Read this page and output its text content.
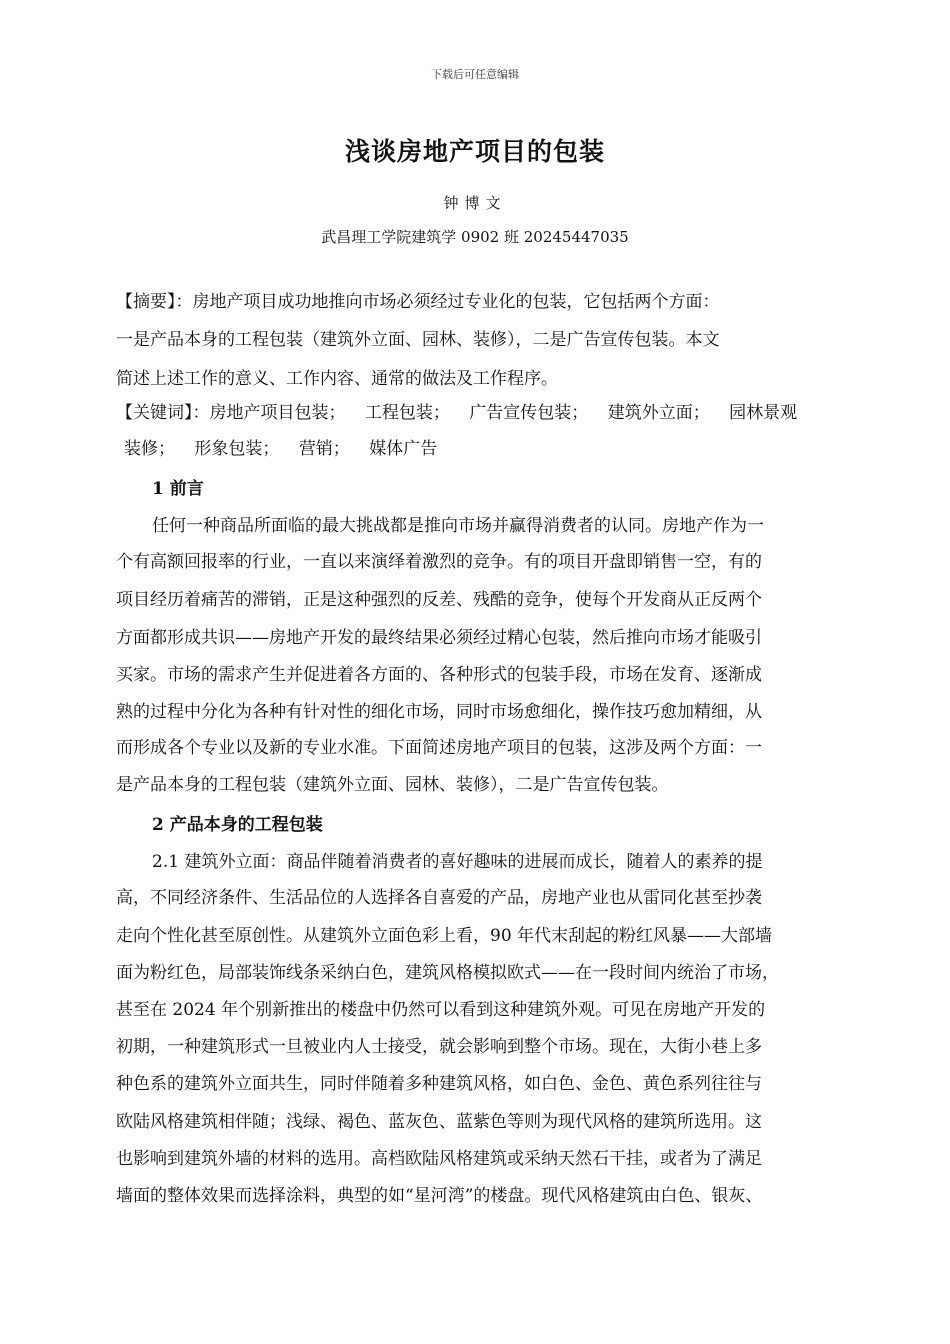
下载后可任意编辑
浅谈房地产项目的包装
钟博文
武昌理工学院建筑学 0902 班 20245447035
【摘要】：房地产项目成功地推向市场必须经过专业化的包装，它包括两个方面：
一是产品本身的工程包装（建筑外立面、园林、装修），二是广告宣传包装。本文
简述上述工作的意义、工作内容、通常的做法及工作程序。
【关键词】：房地产项目包装； 工程包装； 广告宣传包装； 建筑外立面； 园林景观
装修； 形象包装； 营销； 媒体广告
1 前言
任何一种商品所面临的最大挑战都是推向市场并赢得消费者的认同。房地产作为一
个有高额回报率的行业，一直以来演绎着激烈的竞争。有的项目开盘即销售一空，有的
项目经历着痛苦的滞销，正是这种强烈的反差、残酷的竞争，使每个开发商从正反两个
方面都形成共识——房地产开发的最终结果必须经过精心包装，然后推向市场才能吸引
买家。市场的需求产生并促进着各方面的、各种形式的包装手段，市场在发育、逐渐成
熟的过程中分化为各种有针对性的细化市场，同时市场愈细化，操作技巧愈加精细，从
而形成各个专业以及新的专业水准。下面简述房地产项目的包装，这涉及两个方面：一
是产品本身的工程包装（建筑外立面、园林、装修），二是广告宣传包装。
2 产品本身的工程包装
2.1 建筑外立面：商品伴随着消费者的喜好趣味的进展而成长，随着人的素养的提
高，不同经济条件、生活品位的人选择各自喜爱的产品，房地产业也从雷同化甚至抄袭
走向个性化甚至原创性。从建筑外立面色彩上看，90 年代末刮起的粉红风暴——大部墙
面为粉红色，局部装饰线条采纳白色，建筑风格模拟欧式——在一段时间内统治了市场，
甚至在 2024 年个别新推出的楼盘中仍然可以看到这种建筑外观。可见在房地产开发的
初期，一种建筑形式一旦被业内人士接受，就会影响到整个市场。现在，大街小巷上多
种色系的建筑外立面共生，同时伴随着多种建筑风格，如白色、金色、黄色系列往往与
欧陆风格建筑相伴随；浅绿、褐色、蓝灰色、蓝紫色等则为现代风格的建筑所选用。这
也影响到建筑外墙的材料的选用。高档欧陆风格建筑或采纳天然石干挂，或者为了满足
墙面的整体效果而选择涂料，典型的如“星河湾”的楼盘。现代风格建筑由白色、银灰、
